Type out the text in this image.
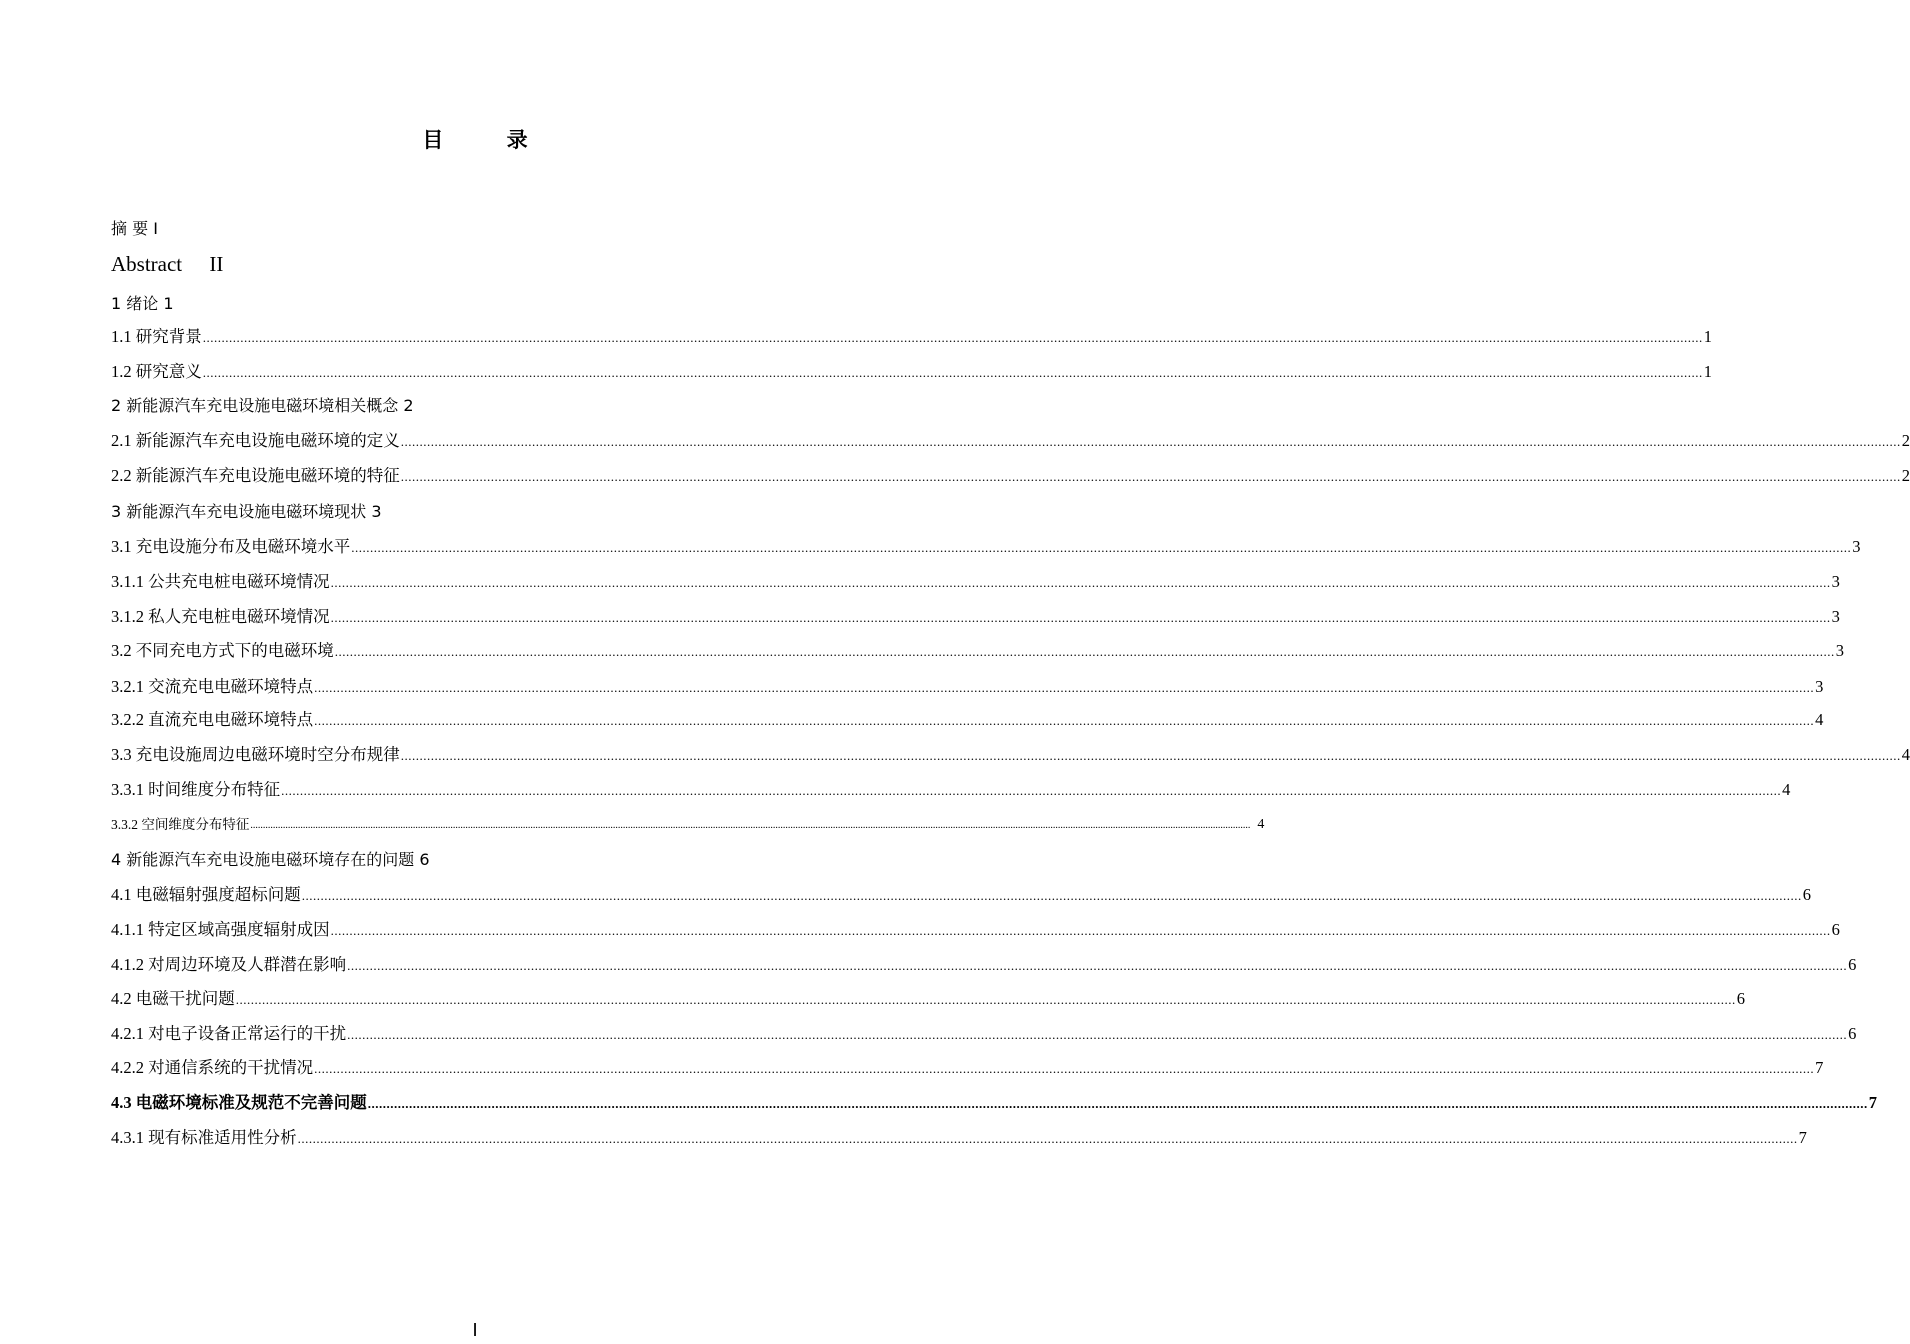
目 录
摘 要 I
Abstract II
1 绪论 1
1.1 研究背景 ................................................................................................................................................................................................................................................................................................................................................................................................................ 1
1.2 研究意义 ................................................................................................................................................................................................................................................................................................................................................................................................................ 1
2 新能源汽车充电设施电磁环境相关概念 2
2.1 新能源汽车充电设施电磁环境的定义 ................................................................................................................................................................................................................................................................................................................................................................................................................ 2
2.2 新能源汽车充电设施电磁环境的特征 ................................................................................................................................................................................................................................................................................................................................................................................................................ 2
3 新能源汽车充电设施电磁环境现状 3
3.1 充电设施分布及电磁环境水平 ................................................................................................................................................................................................................................................................................................................................................................................................................ 3
3.1.1 公共充电桩电磁环境情况 ................................................................................................................................................................................................................................................................................................................................................................................................................ 3
3.1.2 私人充电桩电磁环境情况 ................................................................................................................................................................................................................................................................................................................................................................................................................ 3
3.2 不同充电方式下的电磁环境 ................................................................................................................................................................................................................................................................................................................................................................................................................ 3
3.2.1 交流充电电磁环境特点 ................................................................................................................................................................................................................................................................................................................................................................................................................ 3
3.2.2 直流充电电磁环境特点 ................................................................................................................................................................................................................................................................................................................................................................................................................ 4
3.3 充电设施周边电磁环境时空分布规律 ................................................................................................................................................................................................................................................................................................................................................................................................................ 4
3.3.1 时间维度分布特征 ................................................................................................................................................................................................................................................................................................................................................................................................................ 4
3.3.2 空间维度分布特征 ................................................................................................................................................................................................................................................................................................................................................................................................................ 4
4 新能源汽车充电设施电磁环境存在的问题 6
4.1 电磁辐射强度超标问题 ................................................................................................................................................................................................................................................................................................................................................................................................................ 6
4.1.1 特定区域高强度辐射成因 ................................................................................................................................................................................................................................................................................................................................................................................................................ 6
4.1.2 对周边环境及人群潜在影响 ................................................................................................................................................................................................................................................................................................................................................................................................................ 6
4.2 电磁干扰问题 ................................................................................................................................................................................................................................................................................................................................................................................................................ 6
4.2.1 对电子设备正常运行的干扰 ................................................................................................................................................................................................................................................................................................................................................................................................................ 6
4.2.2 对通信系统的干扰情况 ................................................................................................................................................................................................................................................................................................................................................................................................................ 7
4.3 电磁环境标准及规范不完善问题 ................................................................................................................................................................................................................................................................................................................................................................................................................ 7
4.3.1 现有标准适用性分析 ................................................................................................................................................................................................................................................................................................................................................................................................................ 7
I
